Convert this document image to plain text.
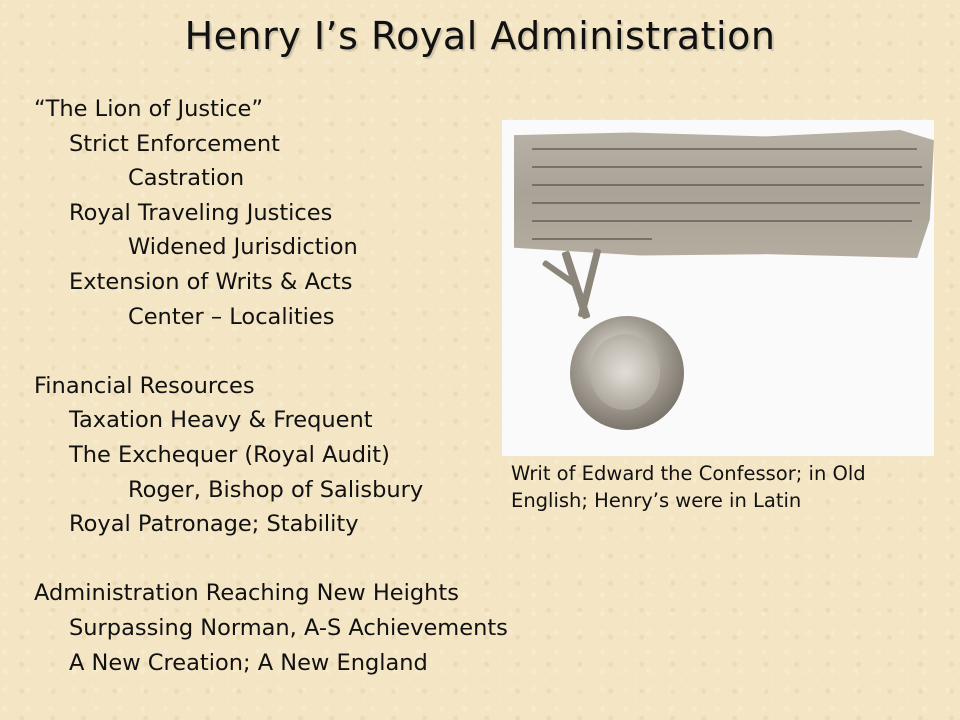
Henry I’s Royal Administration
“The Lion of Justice”
Strict Enforcement
Castration
Royal Traveling Justices
Widened Jurisdiction
Extension of Writs & Acts
Center – Localities
Financial Resources
Taxation Heavy & Frequent
The Exchequer (Royal Audit)
Roger, Bishop of Salisbury
Royal Patronage; Stability
Administration Reaching New Heights
Surpassing Norman, A-S Achievements
A New Creation; A New England
Writ of Edward the Confessor; in Old English; Henry’s were in Latin
